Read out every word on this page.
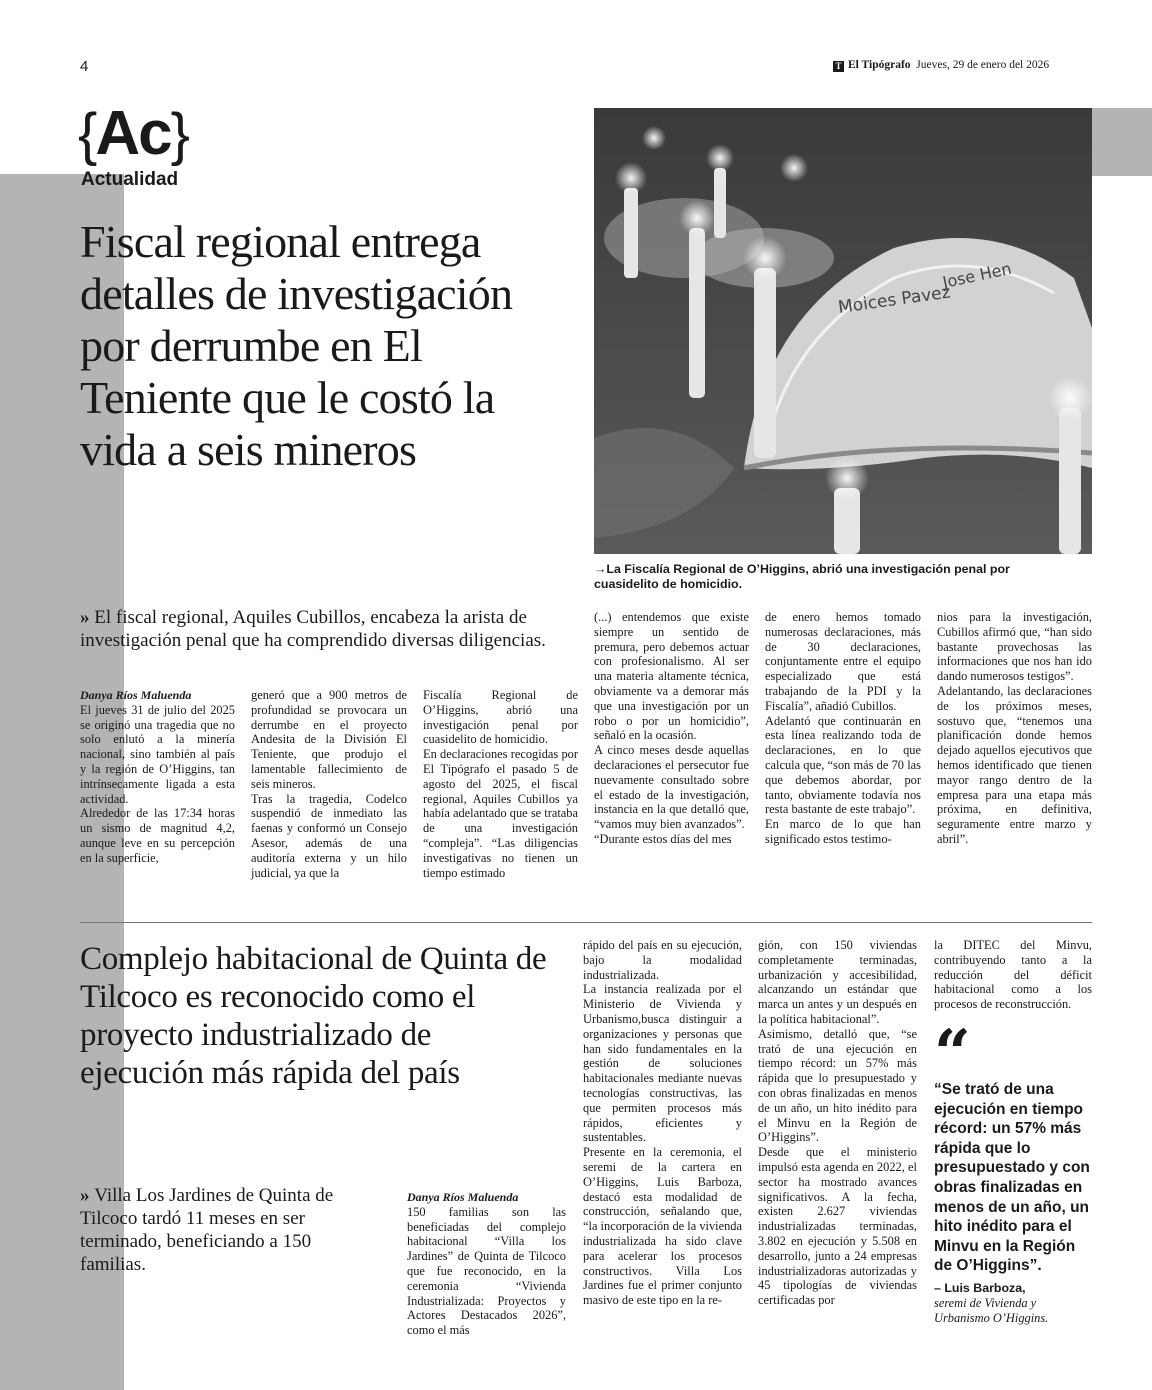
4	T El Tipógrafo Jueves, 29 de enero del 2026
{Ac}
Actualidad
Fiscal regional entrega detalles de investigación por derrumbe en El Teniente que le costó la vida a seis mineros
Moices Pavez
Jose Hen
→La Fiscalía Regional de O’Higgins, abrió una investigación penal por cuasidelito de homicidio.

» El fiscal regional, Aquiles Cubillos, encabeza la arista de investigación penal que ha comprendido diversas diligencias.

Danya Ríos Maluenda

El jueves 31 de julio del 2025 se originó una tragedia que no solo enlutó a la minería nacional, sino también al país y la región de O’Higgins, tan intrínsecamente ligada a esta actividad.

Alrededor de las 17:34 horas un sismo de magnitud 4,2, aunque leve en su percepción en la superficie,

generó que a 900 metros de profundidad se provocara un derrumbe en el proyecto Andesita de la División El Teniente, que produjo el lamentable fallecimiento de seis mineros.

Tras la tragedia, Codelco suspendió de inmediato las faenas y conformó un Consejo Asesor, además de una auditoría externa y un hilo judicial, ya que la

Fiscalía Regional de O’Higgins, abrió una investigación penal por cuasidelito de homicidio.

En declaraciones recogidas por El Tipógrafo el pasado 5 de agosto del 2025, el fiscal regional, Aquiles Cubillos ya había adelantado que se trataba de una investigación “compleja”. “Las diligencias investigativas no tienen un tiempo estimado

(...) entendemos que existe siempre un sentido de premura, pero debemos actuar con profesionalismo. Al ser una materia altamente técnica, obviamente va a demorar más que una investigación por un robo o por un homicidio”, señaló en la ocasión.

A cinco meses desde aquellas declaraciones el persecutor fue nuevamente consultado sobre el estado de la investigación, instancia en la que detalló que, “vamos muy bien avanzados”.

“Durante estos días del mes

de enero hemos tomado numerosas declaraciones, más de 30 declaraciones, conjuntamente entre el equipo especializado que está trabajando de la PDI y la Fiscalía”, añadió Cubillos.

Adelantó que continuarán en esta línea realizando toda de declaraciones, en lo que calcula que, “son más de 70 las que debemos abordar, por tanto, obviamente todavía nos resta bastante de este trabajo”.

En marco de lo que han significado estos testimo-

nios para la investigación, Cubillos afirmó que, “han sido bastante provechosas las informaciones que nos han ido dando numerosos testigos”.

Adelantando, las declaraciones de los próximos meses, sostuvo que, “tenemos una planificación donde hemos dejado aquellos ejecutivos que hemos identificado que tienen mayor rango dentro de la empresa para una etapa más próxima, en definitiva, seguramente entre marzo y abril”.

Complejo habitacional de Quinta de Tilcoco es reconocido como el proyecto industrializado de ejecución más rápida del país

» Villa Los Jardines de Quinta de Tilcoco tardó 11 meses en ser terminado, beneficiando a 150 familias.

Danya Ríos Maluenda

150 familias son las beneficiadas del complejo habitacional “Villa los Jardines” de Quinta de Tilcoco que fue reconocido, en la ceremonia “Vivienda Industrializada: Proyectos y Actores Destacados 2026”, como el más

rápido del país en su ejecución, bajo la modalidad industrializada.

La instancia realizada por el Ministerio de Vivienda y Urbanismo,busca distinguir a organizaciones y personas que han sido fundamentales en la gestión de soluciones habitacionales mediante nuevas tecnologías constructivas, las que permiten procesos más rápidos, eficientes y sustentables.

Presente en la ceremonia, el seremi de la cartera en O’Higgins, Luis Barboza, destacó esta modalidad de construcción, señalando que, “la incorporación de la vivienda industrializada ha sido clave para acelerar los procesos constructivos. Villa Los Jardines fue el primer conjunto masivo de este tipo en la re-

gión, con 150 viviendas completamente terminadas, urbanización y accesibilidad, alcanzando un estándar que marca un antes y un después en la política habitacional”.

Asimismo, detalló que, “se trató de una ejecución en tiempo récord: un 57% más rápida que lo presupuestado y con obras finalizadas en menos de un año, un hito inédito para el Minvu en la Región de O’Higgins”.

Desde que el ministerio impulsó esta agenda en 2022, el sector ha mostrado avances significativos. A la fecha, existen 2.627 viviendas industrializadas terminadas, 3.802 en ejecución y 5.508 en desarrollo, junto a 24 empresas industrializadoras autorizadas y 45 tipologías de viviendas certificadas por

la DITEC del Minvu, contribuyendo tanto a la reducción del déficit habitacional como a los procesos de reconstrucción.

“
“Se trató de una ejecución en tiempo récord: un 57% más rápida que lo presupuestado y con obras finalizadas en menos de un año, un hito inédito para el Minvu en la Región de O’Higgins”.
– Luis Barboza,
seremi de Vivienda y Urbanismo O’Higgins.
